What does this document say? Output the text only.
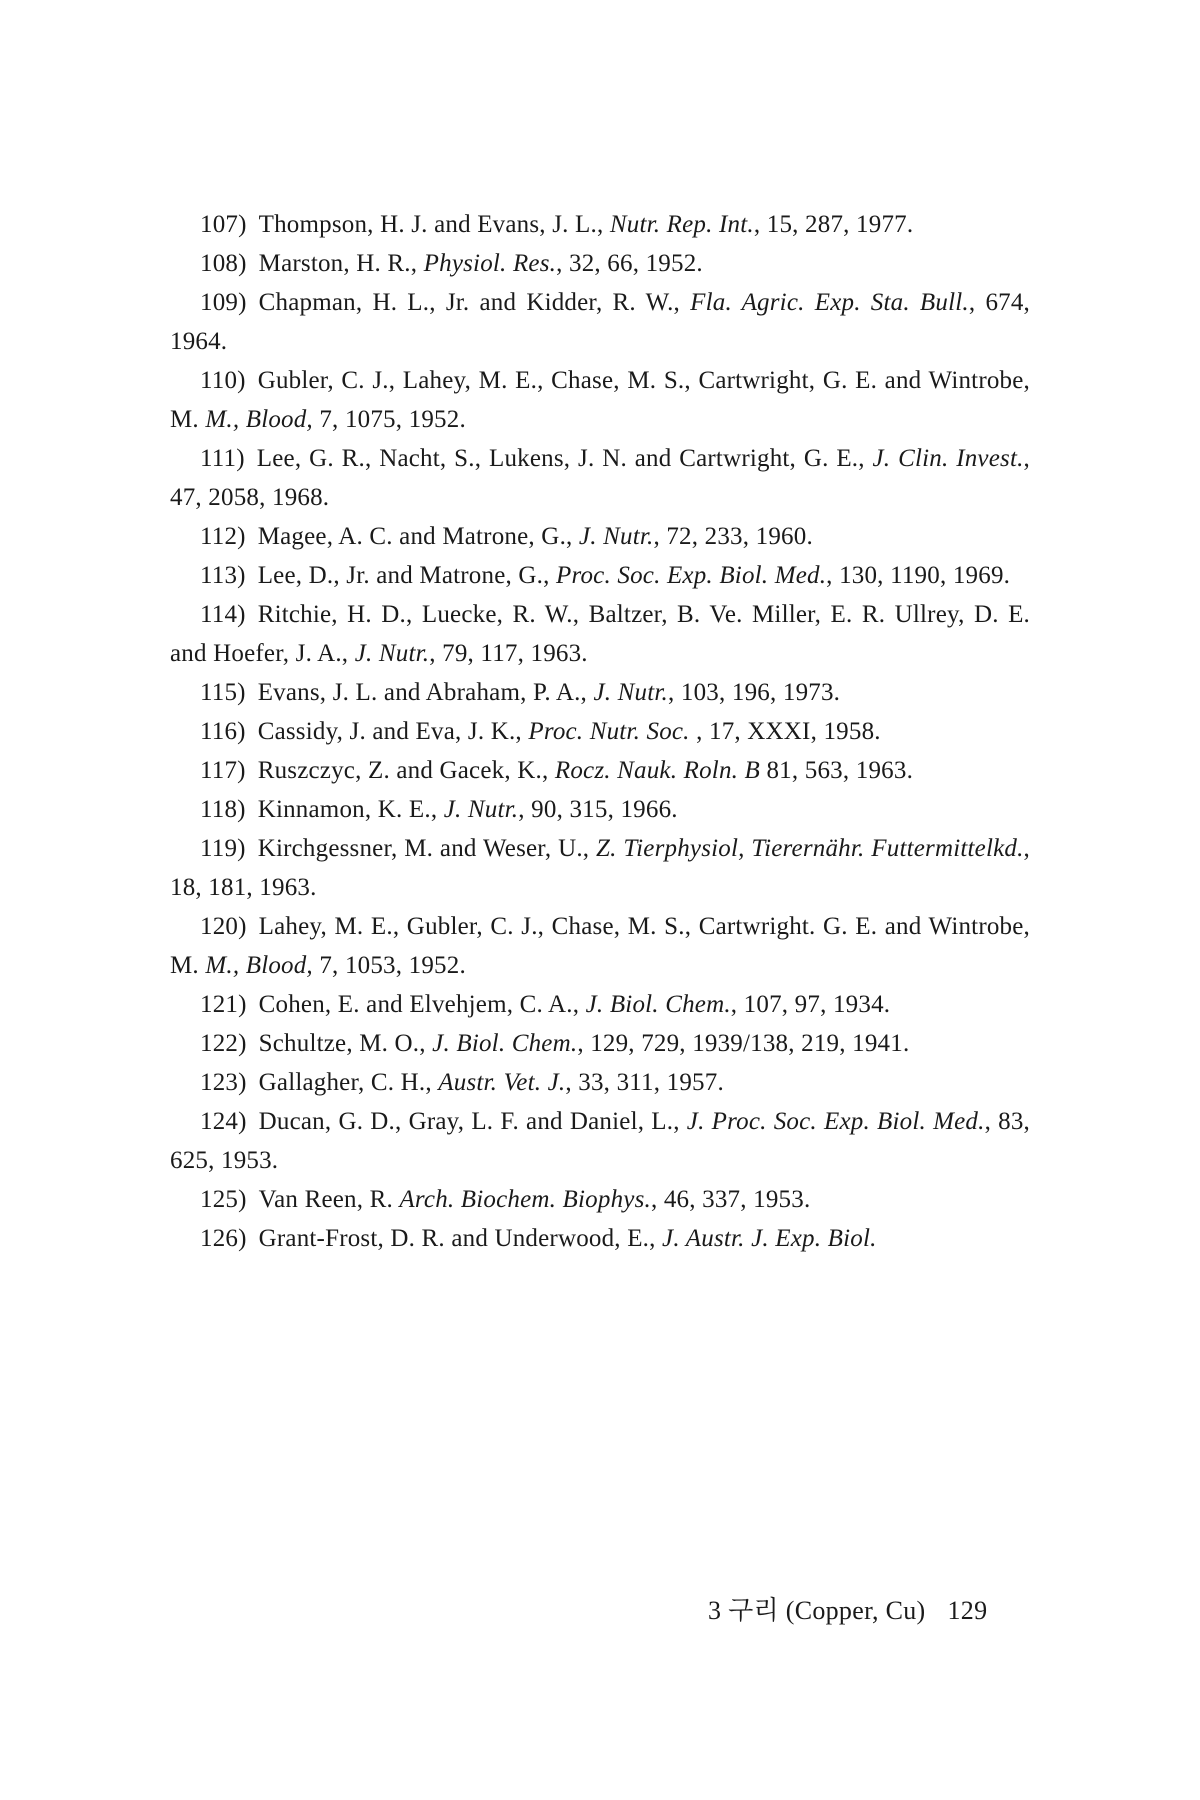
107) Thompson, H. J. and Evans, J. L., Nutr. Rep. Int., 15, 287, 1977.
108) Marston, H. R., Physiol. Res., 32, 66, 1952.
109) Chapman, H. L., Jr. and Kidder, R. W., Fla. Agric. Exp. Sta. Bull., 674, 1964.
110) Gubler, C. J., Lahey, M. E., Chase, M. S., Cartwright, G. E. and Wintrobe, M. M., Blood, 7, 1075, 1952.
111) Lee, G. R., Nacht, S., Lukens, J. N. and Cartwright, G. E., J. Clin. Invest., 47, 2058, 1968.
112) Magee, A. C. and Matrone, G., J. Nutr., 72, 233, 1960.
113) Lee, D., Jr. and Matrone, G., Proc. Soc. Exp. Biol. Med., 130, 1190, 1969.
114) Ritchie, H. D., Luecke, R. W., Baltzer, B. Ve. Miller, E. R. Ullrey, D. E. and Hoefer, J. A., J. Nutr., 79, 117, 1963.
115) Evans, J. L. and Abraham, P. A., J. Nutr., 103, 196, 1973.
116) Cassidy, J. and Eva, J. K., Proc. Nutr. Soc. , 17, XXXI, 1958.
117) Ruszczyc, Z. and Gacek, K., Rocz. Nauk. Roln. B 81, 563, 1963.
118) Kinnamon, K. E., J. Nutr., 90, 315, 1966.
119) Kirchgessner, M. and Weser, U., Z. Tierphysiol, Tierernähr. Futtermittelkd., 18, 181, 1963.
120) Lahey, M. E., Gubler, C. J., Chase, M. S., Cartwright. G. E. and Wintrobe, M. M., Blood, 7, 1053, 1952.
121) Cohen, E. and Elvehjem, C. A., J. Biol. Chem., 107, 97, 1934.
122) Schultze, M. O., J. Biol. Chem., 129, 729, 1939/138, 219, 1941.
123) Gallagher, C. H., Austr. Vet. J., 33, 311, 1957.
124) Ducan, G. D., Gray, L. F. and Daniel, L., J. Proc. Soc. Exp. Biol. Med., 83, 625, 1953.
125) Van Reen, R. Arch. Biochem. Biophys., 46, 337, 1953.
126) Grant-Frost, D. R. and Underwood, E., J. Austr. J. Exp. Biol.
3 구리 (Copper, Cu) 129
